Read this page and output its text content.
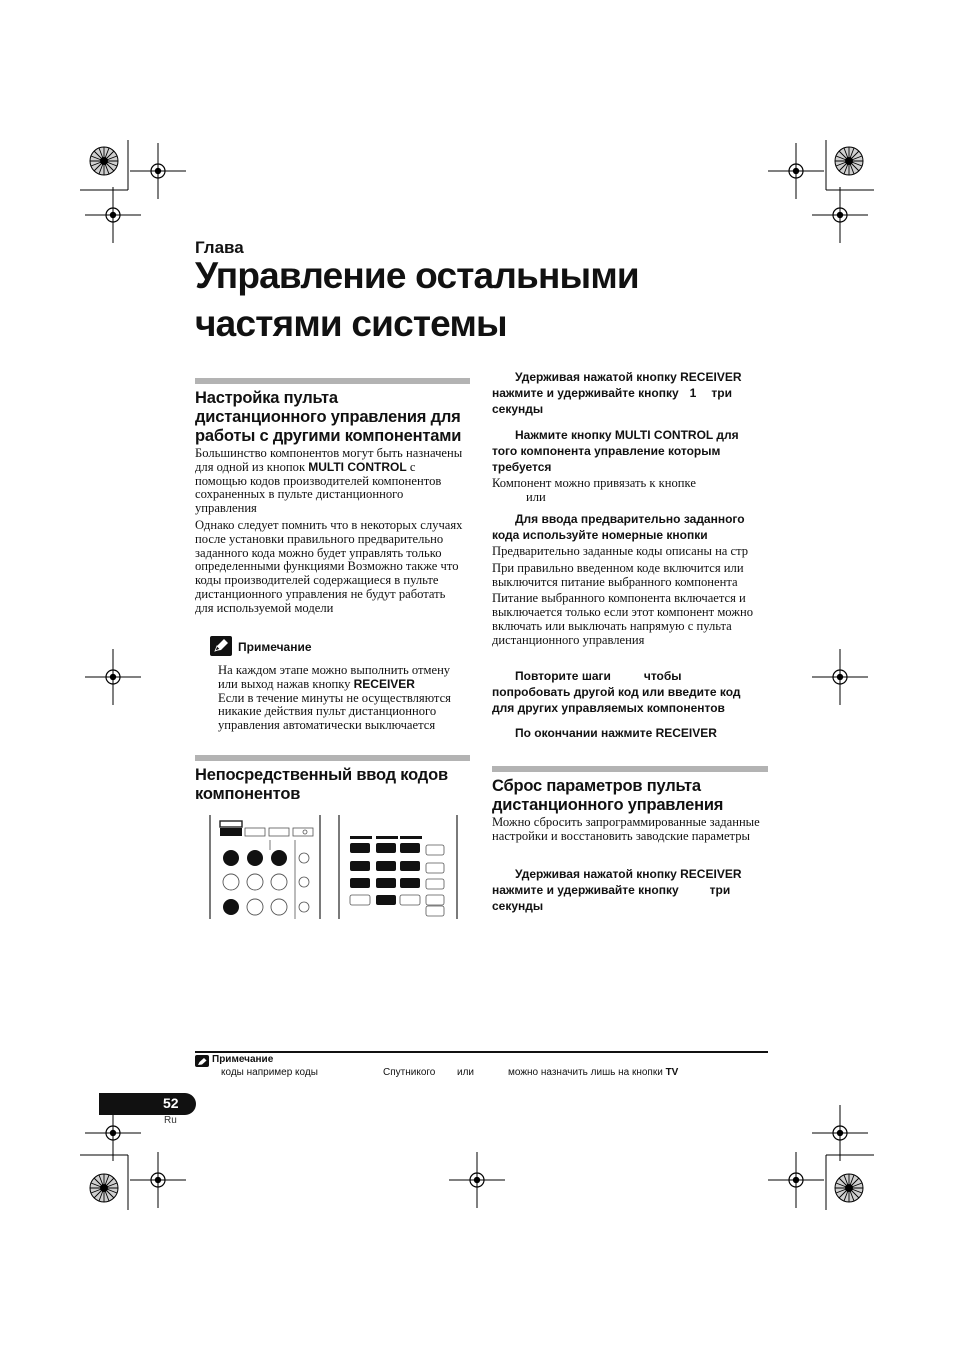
Глава
Управление остальными
частями системы
Настройка пульта
дистанционного управления для
работы с другими компонентами
Большинство компонентов могут быть назначены для одной из кнопок MULTI CONTROL с помощью кодов производителей компонентов сохраненных в пульте дистанционного управления
Однако следует помнить что в некоторых случаях после установки правильного предварительно заданного кода можно будет управлять только определенными функциями Возможно также что коды производителей содержащиеся в пульте дистанционного управления не будут работать для используемой модели
Примечание
На каждом этапе можно выполнить отмену
или выход нажав кнопку RECEIVER
Если в течение минуты не осуществляются никакие действия пульт дистанционного управления автоматически выключается
Непосредственный ввод кодов
компонентов
Удерживая нажатой кнопку RECEIVER
нажмите и удерживайте кнопку 1 три
секунды
Нажмите кнопку MULTI CONTROL для
того компонента управление которым
требуется
Компонент можно привязать к кнопке
или
Для ввода предварительно заданного
кода используйте номерные кнопки
Предварительно заданные коды описаны на стр
При правильно введенном коде включится или выключится питание выбранного компонента
Питание выбранного компонента включается и выключается только если этот компонент можно включать или выключать напрямую с пульта дистанционного управления
Повторите шаги	чтобы
попробовать другой код или введите код
для других управляемых компонентов
По окончании нажмите RECEIVER
Сброс параметров пульта
дистанционного управления
Можно сбросить запрограммированные заданные настройки и восстановить заводские параметры
Удерживая нажатой кнопку RECEIVER
нажмите и удерживайте кнопку	три
секунды
Примечание
коды например коды	Спутникого или	можно назначить лишь на кнопки TV
52
Ru
